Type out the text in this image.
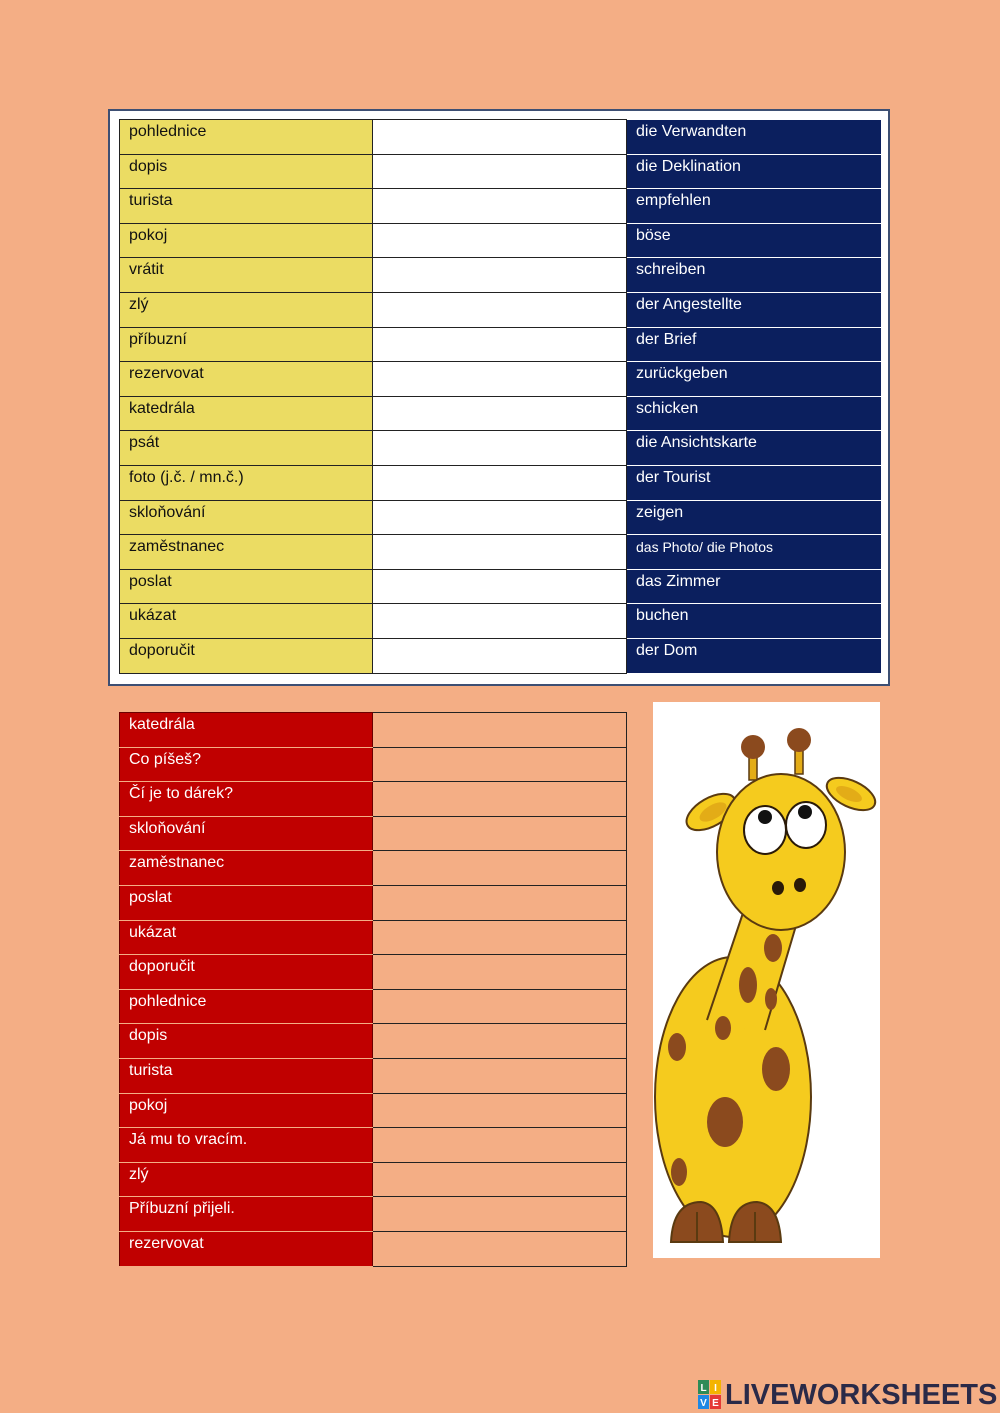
pohlednice		die Verwandten
dopis		die Deklination
turista		empfehlen
pokoj		böse
vrátit		schreiben
zlý		der Angestellte
příbuzní		der Brief
rezervovat		zurückgeben
katedrála		schicken
psát		die Ansichtskarte
foto (j.č. / mn.č.)		der Tourist
skloňování		zeigen
zaměstnanec		das Photo/ die Photos
poslat		das Zimmer
ukázat		buchen
doporučit		der Dom
katedrála	
Co píšeš?	
Čí je to dárek?	
skloňování	
zaměstnanec	
poslat	
ukázat	
doporučit	
pohlednice	
dopis	
turista	
pokoj	
Já mu to vracím.	
zlý	
Příbuzní přijeli.	
rezervovat	
L I
V E LIVEWORKSHEETS
